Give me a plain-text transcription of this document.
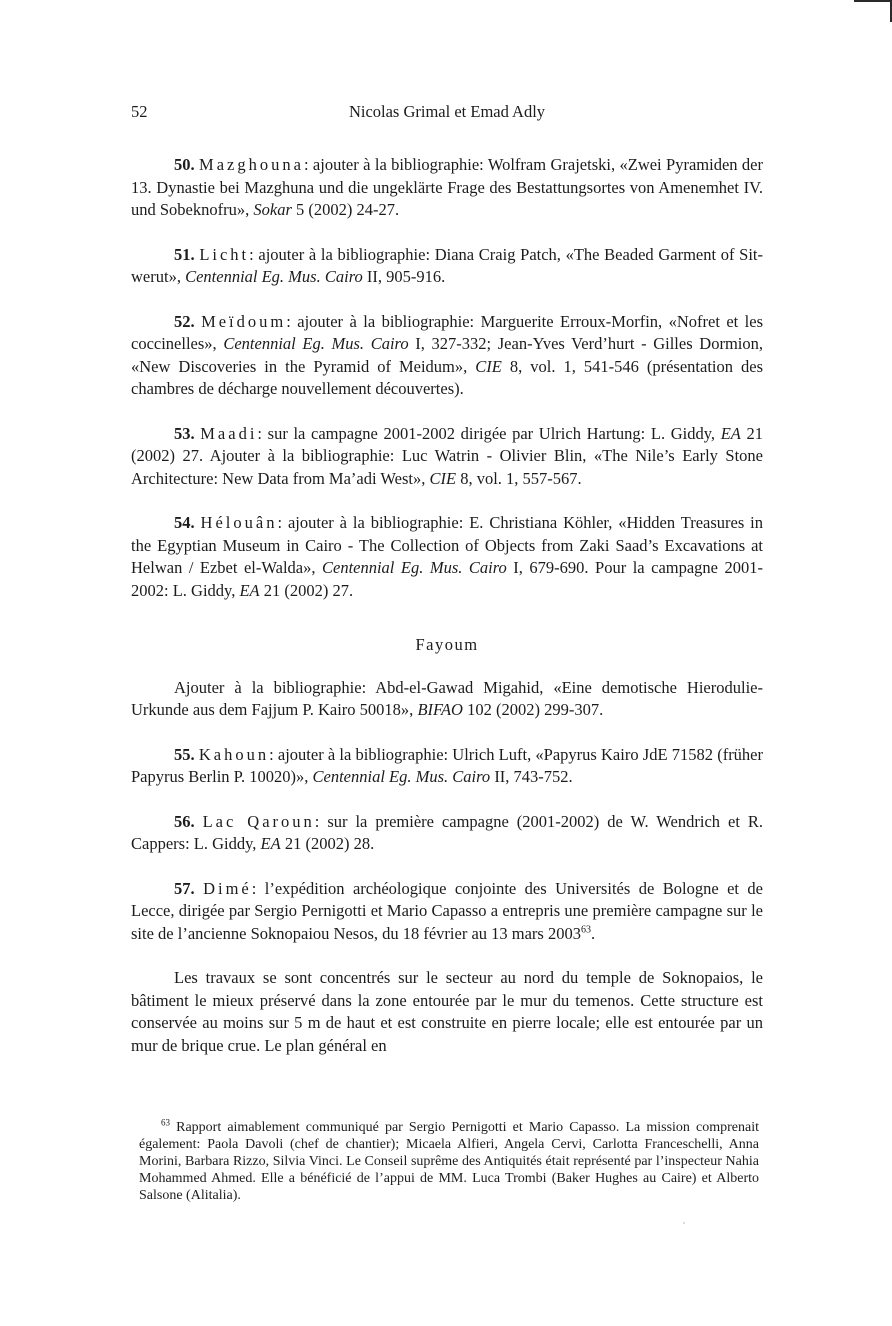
52	Nicolas Grimal et Emad Adly

50. Mazghouna: ajouter à la bibliographie: Wolfram Grajetski, «Zwei Pyramiden der 13. Dynastie bei Mazghuna und die ungeklärte Frage des Bestattungsortes von Amenemhet IV. und Sobeknofru», Sokar 5 (2002) 24-27.

51. Licht: ajouter à la bibliographie: Diana Craig Patch, «The Beaded Garment of Sit-werut», Centennial Eg. Mus. Cairo II, 905-916.

52. Meïdoum: ajouter à la bibliographie: Marguerite Erroux-Morfin, «Nofret et les coccinelles», Centennial Eg. Mus. Cairo I, 327-332; Jean-Yves Verd’hurt - Gilles Dormion, «New Discoveries in the Pyramid of Meidum», CIE 8, vol. 1, 541-546 (présentation des chambres de décharge nouvellement découvertes).

53. Maadi: sur la campagne 2001-2002 dirigée par Ulrich Hartung: L. Giddy, EA 21 (2002) 27. Ajouter à la bibliographie: Luc Watrin - Olivier Blin, «The Nile’s Early Stone Architecture: New Data from Ma’adi West», CIE 8, vol. 1, 557-567.

54. Hélouân: ajouter à la bibliographie: E. Christiana Köhler, «Hidden Treasures in the Egyptian Museum in Cairo - The Collection of Objects from Zaki Saad’s Excavations at Helwan / Ezbet el-Walda», Centennial Eg. Mus. Cairo I, 679-690. Pour la campagne 2001-2002: L. Giddy, EA 21 (2002) 27.

Fayoum

Ajouter à la bibliographie: Abd-el-Gawad Migahid, «Eine demotische Hierodulie-Urkunde aus dem Fajjum P. Kairo 50018», BIFAO 102 (2002) 299-307.

55. Kahoun: ajouter à la bibliographie: Ulrich Luft, «Papyrus Kairo JdE 71582 (früher Papyrus Berlin P. 10020)», Centennial Eg. Mus. Cairo II, 743-752.

56. Lac Qaroun: sur la première campagne (2001-2002) de W. Wendrich et R. Cappers: L. Giddy, EA 21 (2002) 28.

57. Dimé: l’expédition archéologique conjointe des Universités de Bologne et de Lecce, dirigée par Sergio Pernigotti et Mario Capasso a entrepris une première campagne sur le site de l’ancienne Soknopaiou Nesos, du 18 février au 13 mars 2003$^{63}$.

Les travaux se sont concentrés sur le secteur au nord du temple de Soknopaios, le bâtiment le mieux préservé dans la zone entourée par le mur du temenos. Cette structure est conservée au moins sur 5 m de haut et est construite en pierre locale; elle est entourée par un mur de brique crue. Le plan général en

$^{63}$ Rapport aimablement communiqué par Sergio Pernigotti et Mario Capasso. La mission comprenait également: Paola Davoli (chef de chantier); Micaela Alfieri, Angela Cervi, Carlotta Franceschelli, Anna Morini, Barbara Rizzo, Silvia Vinci. Le Conseil suprême des Antiquités était représenté par l’inspecteur Nahia Mohammed Ahmed. Elle a bénéficié de l’appui de MM. Luca Trombi (Baker Hughes au Caire) et Alberto Salsone (Alitalia).
